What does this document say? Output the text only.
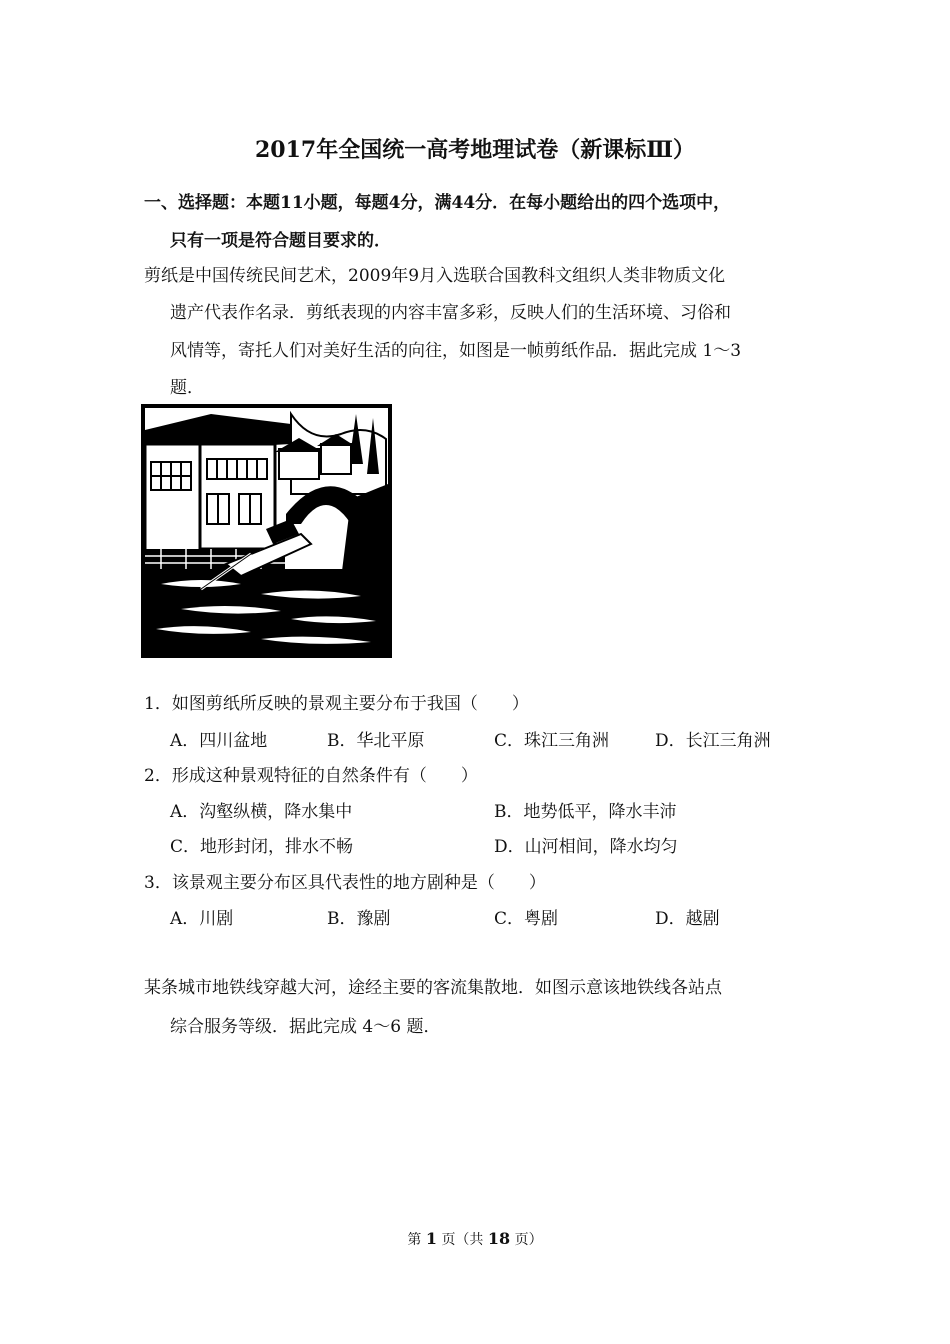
2017年全国统一高考地理试卷（新课标Ⅲ）
一、选择题：本题11小题，每题4分，满44分．在每小题给出的四个选项中，
只有一项是符合题目要求的．
剪纸是中国传统民间艺术，2009年9月入选联合国教科文组织人类非物质文化
遗产代表作名录．剪纸表现的内容丰富多彩，反映人们的生活环境、习俗和
风情等，寄托人们对美好生活的向往，如图是一帧剪纸作品．据此完成 1～3
题．
1．如图剪纸所反映的景观主要分布于我国（　　）
A．四川盆地	B．华北平原	C．珠江三角洲	D．长江三角洲
2．形成这种景观特征的自然条件有（　　）
A．沟壑纵横，降水集中	B．地势低平，降水丰沛
C．地形封闭，排水不畅	D．山河相间，降水均匀
3．该景观主要分布区具代表性的地方剧种是（　　）
A．川剧	B．豫剧	C．粤剧	D．越剧
某条城市地铁线穿越大河，途经主要的客流集散地．如图示意该地铁线各站点
综合服务等级．据此完成 4～6 题．
第 1 页（共 18 页）
